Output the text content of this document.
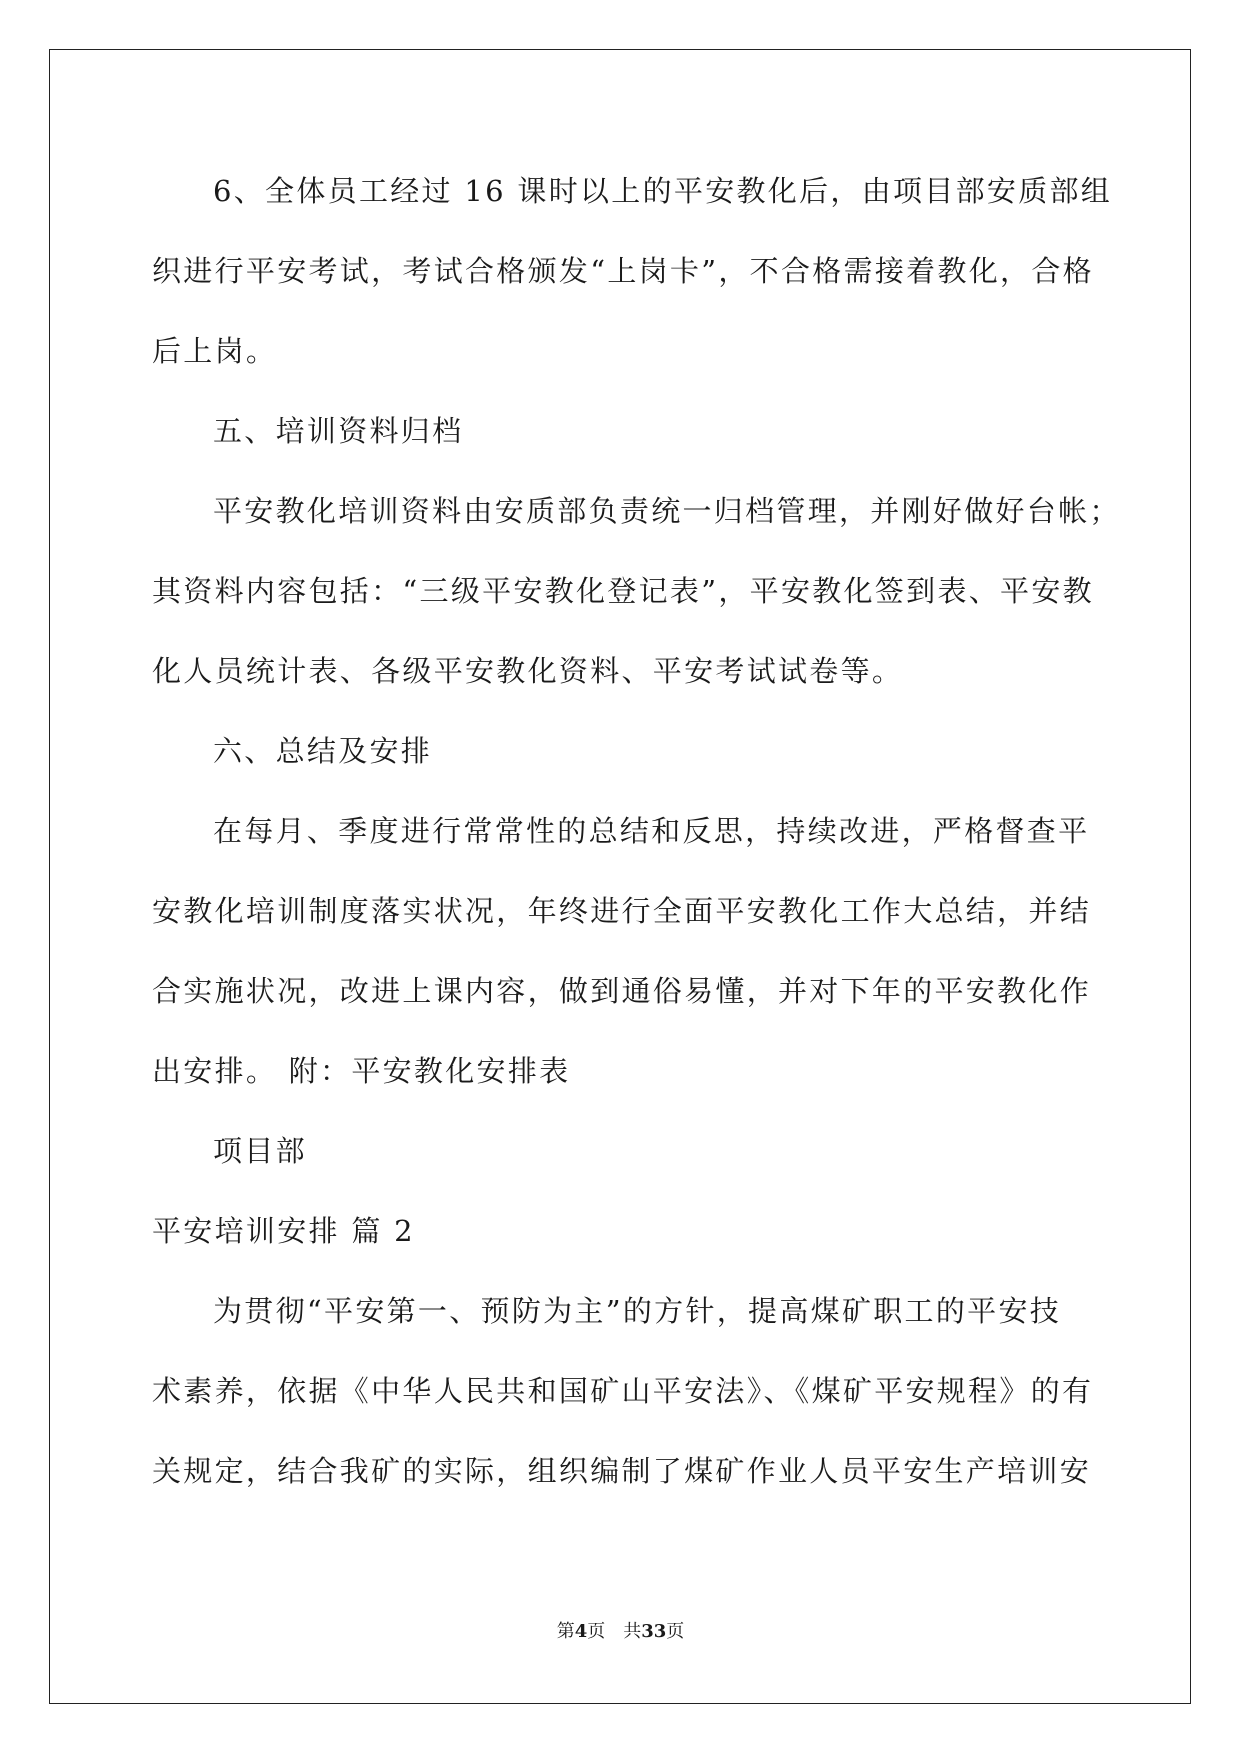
6、全体员工经过 16 课时以上的平安教化后，由项目部安质部组
织进行平安考试，考试合格颁发“上岗卡”，不合格需接着教化，合格
后上岗。
五、培训资料归档
平安教化培训资料由安质部负责统一归档管理，并刚好做好台帐；
其资料内容包括：“三级平安教化登记表”，平安教化签到表、平安教
化人员统计表、各级平安教化资料、平安考试试卷等。
六、总结及安排
在每月、季度进行常常性的总结和反思，持续改进，严格督查平
安教化培训制度落实状况，年终进行全面平安教化工作大总结，并结
合实施状况，改进上课内容，做到通俗易懂，并对下年的平安教化作
出安排。 附：平安教化安排表
项目部
平安培训安排 篇 2
为贯彻“平安第一、预防为主”的方针，提高煤矿职工的平安技
术素养，依据《中华人民共和国矿山平安法》、《煤矿平安规程》的有
关规定，结合我矿的实际，组织编制了煤矿作业人员平安生产培训安
第4页　共33页
